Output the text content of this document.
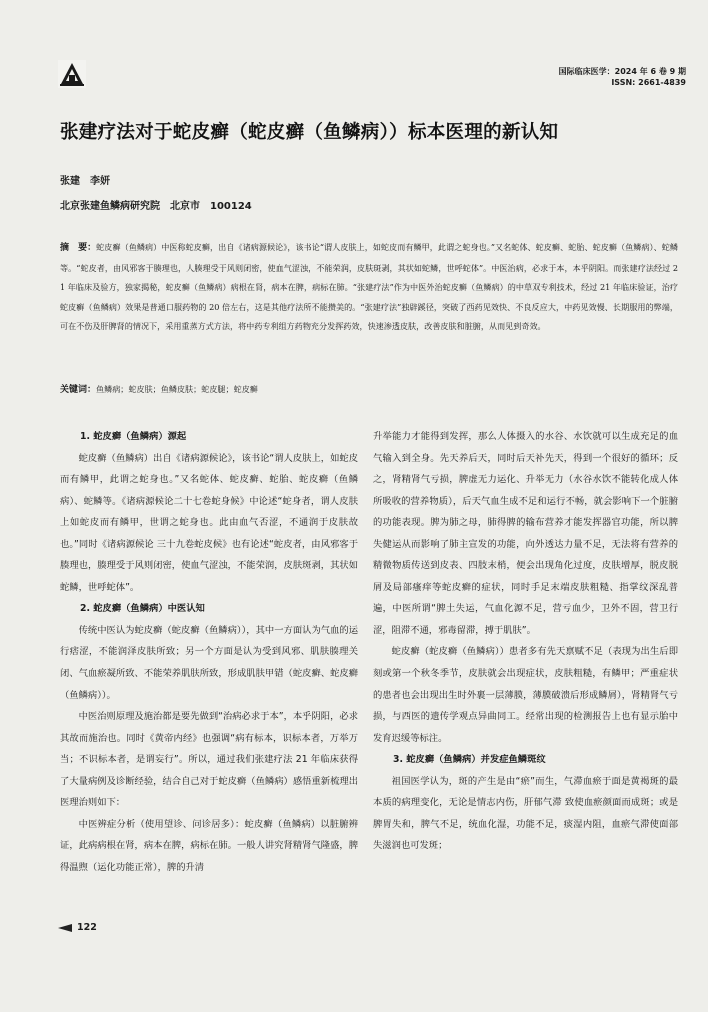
国际临床医学：2024 年 6 卷 9 期
ISSN: 2661-4839
张建疗法对于蛇皮癣（蛇皮癣（鱼鳞病））标本医理的新认知
张建　李妍
北京张建鱼鳞病研究院　北京市　100124
摘　要：蛇皮癣（鱼鳞病）中医称蛇皮癣，出自《诸病源候论》，该书论“谓人皮肤上，如蛇皮而有鳞甲，此谓之蛇身也。”又名蛇体、蛇皮癣、蛇胎、蛇皮癣（鱼鳞病）、蛇鳞等。“蛇皮者，由风邪客于腠理也，人腠理受于风则闭密，使血气涩浊，不能荣润，皮肤斑剥，其状如蛇鳞，世呼蛇体”。中医治病，必求于本，本乎阴阳。而张建疗法经过 21 年临床及验方，独家揭秘，蛇皮癣（鱼鳞病）病根在肾，病本在脾，病标在肺。“张建疗法”作为中医外治蛇皮癣（鱼鳞病）的中草双专利技术，经过 21 年临床验证，治疗蛇皮癣（鱼鳞病）效果是普通口服药物的 20 倍左右，这是其他疗法所不能攒美的。“张建疗法”独辟蹊径，突破了西药见效快、不良反应大，中药见效慢、长期服用的弊端，可在不伤及肝脾肾的情况下，采用重蒸方式方法，将中药专利组方药物充分发挥药效，快速渗透皮肤，改善皮肤和脏腑，从而见到奇效。
关键词：鱼鳞病；蛇皮肤；鱼鳞皮肤；蛇皮腿；蛇皮癣
1. 蛇皮癣（鱼鳞病）源起

蛇皮癣（鱼鳞病）出自《诸病源候论》，该书论“谓人皮肤上，如蛇皮而有鳞甲，此谓之蛇身也。”又名蛇体、蛇皮癣、蛇胎、蛇皮癣（鱼鳞病）、蛇鳞等。《诸病源候论二十七卷蛇身候》中论述“蛇身者，谓人皮肤上如蛇皮而有鳞甲，世谓之蛇身也。此由血气否涩，不通润于皮肤故也。”同时《诸病源候论 三十九卷蛇皮候》也有论述“蛇皮者，由风邪客于腠理也，腠理受于风则闭密，使血气涩浊，不能荣润，皮肤斑剥，其状如蛇鳞，世呼蛇体”。

2. 蛇皮癣（鱼鳞病）中医认知

传统中医认为蛇皮癣（蛇皮癣（鱼鳞病）），其中一方面认为气血的运行痞涩，不能润泽皮肤所致；另一个方面是认为受到风邪、肌肤腠理关闭、气血瘀凝所致、不能荣养肌肤所致，形成肌肤甲错（蛇皮癣、蛇皮癣（鱼鳞病））。

中医治则原理及施治都是要先做到“治病必求于本”，本乎阴阳，必求其故而施治也。同时《黄帝内经》也强调“病有标本，识标本者，万举万当；不识标本者，是谓妄行”。所以，通过我们张建疗法 21 年临床获得了大量病例及诊断经验，结合自己对于蛇皮癣（鱼鳞病）感悟重新梳理出医理治则如下：

中医辨症分析（使用望诊、问诊居多）：蛇皮癣（鱼鳞病）以脏腑辨证，此病病根在肾，病本在脾，病标在肺。一般人讲究肾精肾气隆盛，脾得温煦（运化功能正常），脾的升清

升举能力才能得到发挥，那么人体摄入的水谷、水饮就可以生成充足的血气输入到全身。先天养后天，同时后天补先天，得到一个很好的循环；反之，肾精肾气亏损，脾虚无力运化、升举无力（水谷水饮不能转化成人体所吸收的营养物质），后天气血生成不足和运行不畅，就会影响下一个脏腑的功能表现。脾为肺之母，肺得脾的输布营养才能发挥器官功能，所以脾失健运从而影响了肺主宣发的功能，向外透达力量不足，无法将有营养的精微物质传送到皮表、四肢末梢，便会出现角化过度，皮肤增厚，脱皮脱屑及局部瘙痒等蛇皮癣的症状，同时手足末端皮肤粗糙、指掌纹深乱普遍，中医所谓“脾土失运，气血化源不足，营亏血少，卫外不固，营卫行涩，阻滞不通，邪毒留滞，搏于肌肤”。

蛇皮癣（蛇皮癣（鱼鳞病））患者多有先天禀赋不足（表现为出生后即刻或第一个秋冬季节，皮肤就会出现症状，皮肤粗糙，有鳞甲；严重症状的患者也会出现出生时外裹一层薄膜，薄膜破溃后形成鳞屑），肾精肾气亏损，与西医的遗传学观点异曲同工。经常出现的检测报告上也有显示胎中发育迟缓等标注。

3. 蛇皮癣（鱼鳞病）并发症鱼鳞斑纹

祖国医学认为，斑的产生是由“瘀”而生，气滞血瘀于面是黄褐斑的最本质的病理变化，无论是情志内伤，肝郁气滞 致使血瘀颜面而成斑；或是脾胃失和，脾气不足，统血化湿，功能不足，痰湿内阻，血瘀气滞使面部失滋润也可发斑；

122
